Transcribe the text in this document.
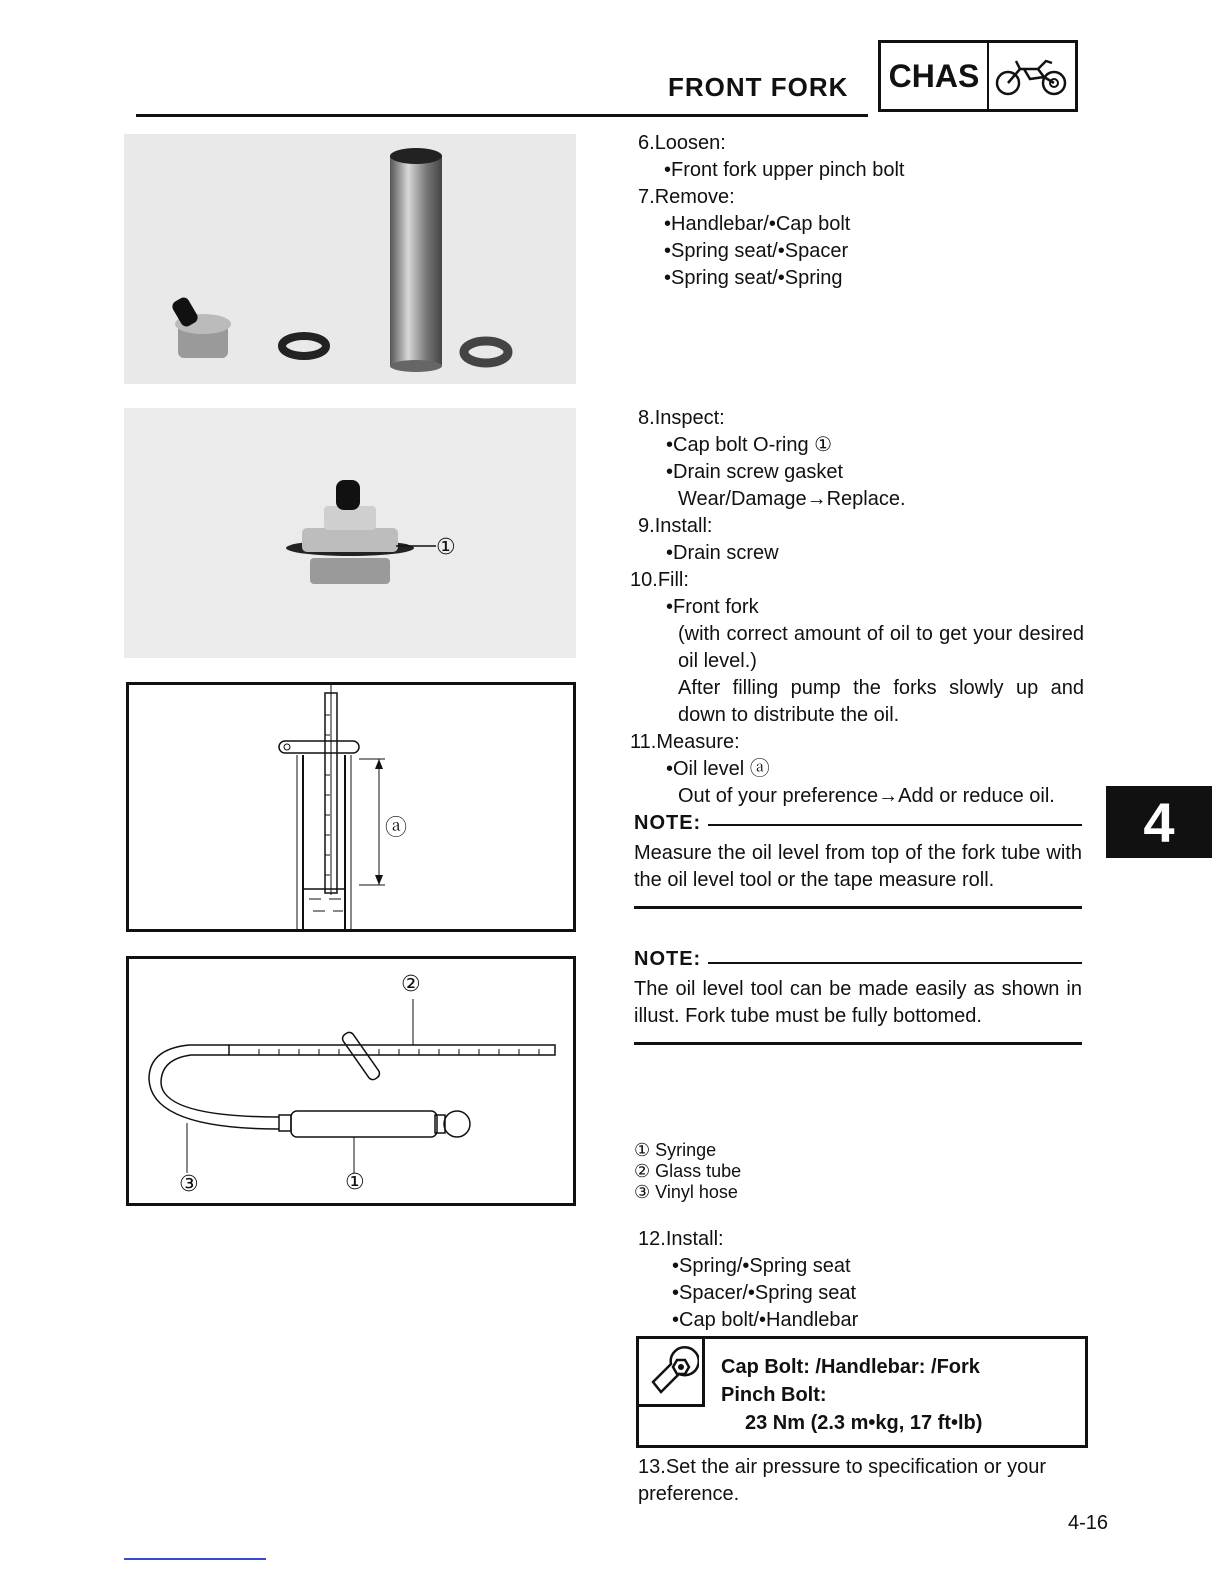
FRONT FORK CHAS
①
ⓐ
②
③	①
6.Loosen:
•Front fork upper pinch bolt
7.Remove:
•Handlebar/•Cap bolt
•Spring seat/•Spacer
•Spring seat/•Spring
8.Inspect:
•Cap bolt O-ring ①
•Drain screw gasket
Wear/Damage→Replace.
9.Install:
•Drain screw
10.Fill:
•Front fork
(with correct amount of oil to get your desired oil level.)
After filling pump the forks slowly up and down to distribute the oil.
11.Measure:
•Oil level ⓐ
Out of your preference→Add or reduce oil.
NOTE:
Measure the oil level from top of the fork tube with the oil level tool or the tape measure roll.
4
NOTE:
The oil level tool can be made easily as shown in illust. Fork tube must be fully bottomed.
① Syringe
② Glass tube
③ Vinyl hose
12.Install:
•Spring/•Spring seat
•Spacer/•Spring seat
•Cap bolt/•Handlebar
Cap Bolt: /Handlebar: /Fork
Pinch Bolt:
23 Nm (2.3 m•kg, 17 ft•lb)
13.Set the air pressure to specification or your preference.
4-16
